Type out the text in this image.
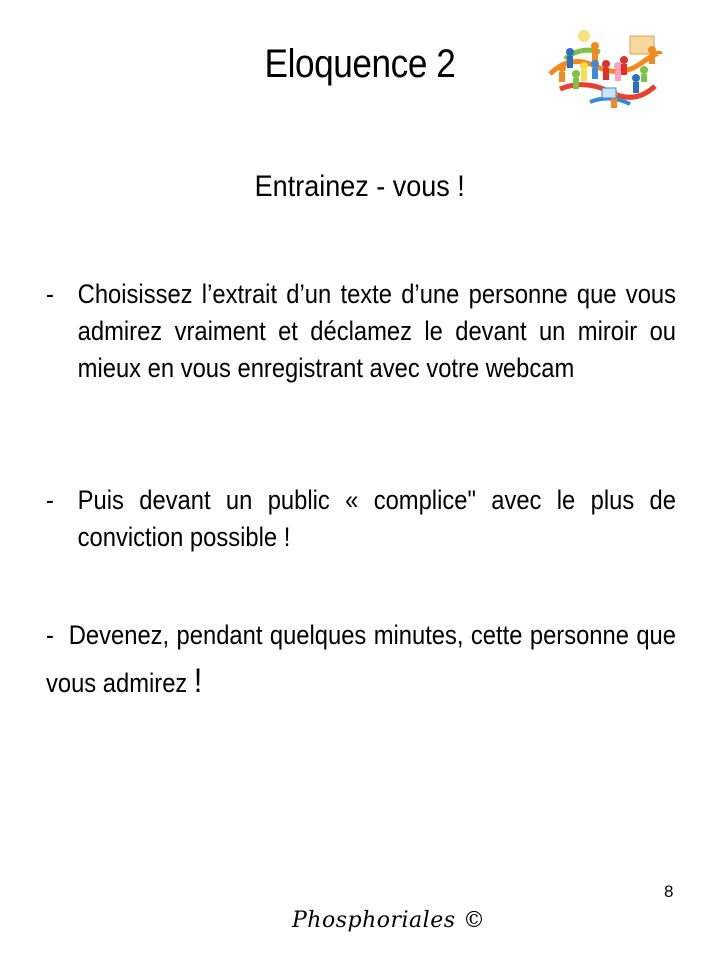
Eloquence 2
Entrainez - vous !
- Choisissez l’extrait d’un texte d’une personne que vous admirez vraiment et déclamez le devant un miroir ou mieux en vous enregistrant avec votre webcam
- Puis devant un public « complice" avec le plus de conviction possible !
- Devenez, pendant quelques minutes, cette personne que vous admirez !
8
Phosphoriales ©
